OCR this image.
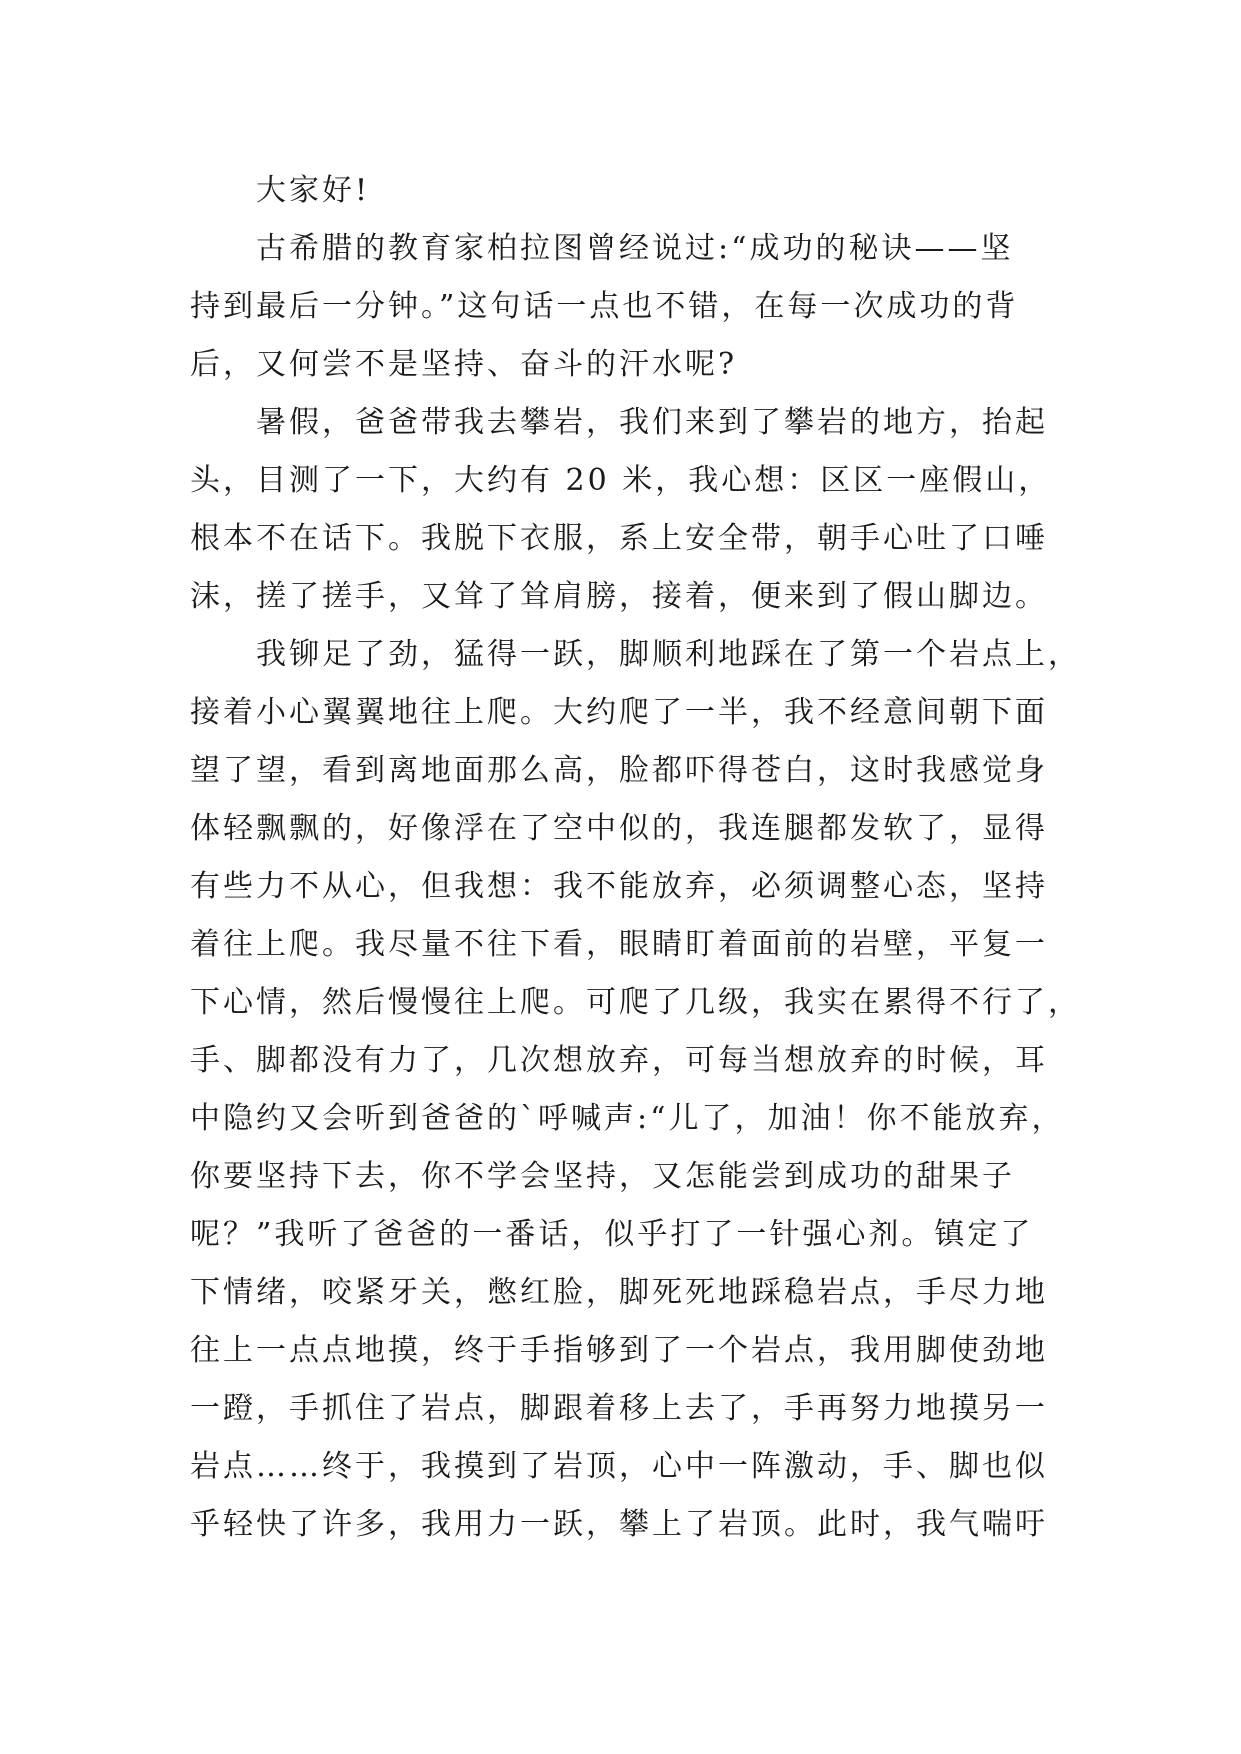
大家好!

古希腊的教育家柏拉图曾经说过:“成功的秘诀——坚

持到最后一分钟。”这句话一点也不错，在每一次成功的背

后，又何尝不是坚持、奋斗的汗水呢?

暑假，爸爸带我去攀岩，我们来到了攀岩的地方，抬起

头，目测了一下，大约有 20 米，我心想：区区一座假山，

根本不在话下。我脱下衣服，系上安全带，朝手心吐了口唾

沫，搓了搓手，又耸了耸肩膀，接着，便来到了假山脚边。

我铆足了劲，猛得一跃，脚顺利地踩在了第一个岩点上，

接着小心翼翼地往上爬。大约爬了一半，我不经意间朝下面

望了望，看到离地面那么高，脸都吓得苍白，这时我感觉身

体轻飘飘的，好像浮在了空中似的，我连腿都发软了，显得

有些力不从心，但我想：我不能放弃，必须调整心态，坚持

着往上爬。我尽量不往下看，眼睛盯着面前的岩壁，平复一

下心情，然后慢慢往上爬。可爬了几级，我实在累得不行了，

手、脚都没有力了，几次想放弃，可每当想放弃的时候，耳

中隐约又会听到爸爸的`呼喊声:“儿了，加油！你不能放弃，

你要坚持下去，你不学会坚持，又怎能尝到成功的甜果子

呢？”我听了爸爸的一番话，似乎打了一针强心剂。镇定了

下情绪，咬紧牙关，憋红脸，脚死死地踩稳岩点，手尽力地

往上一点点地摸，终于手指够到了一个岩点，我用脚使劲地

一蹬，手抓住了岩点，脚跟着移上去了，手再努力地摸另一

岩点……终于，我摸到了岩顶，心中一阵激动，手、脚也似

乎轻快了许多，我用力一跃，攀上了岩顶。此时，我气喘吁
